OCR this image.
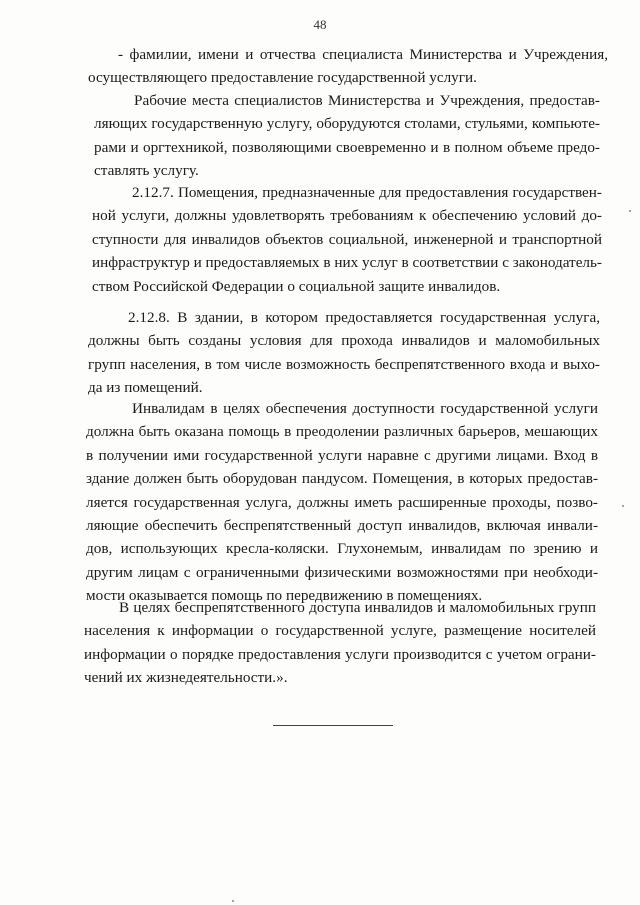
48
- фамилии, имени и отчества специалиста Министерства и Учреждения,
осуществляющего предоставление государственной услуги.
Рабочие места специалистов Министерства и Учреждения, предостав-
ляющих государственную услугу, оборудуются столами, стульями, компьюте-
рами и оргтехникой, позволяющими своевременно и в полном объеме предо-
ставлять услугу.
2.12.7. Помещения, предназначенные для предоставления государствен-
ной услуги, должны удовлетворять требованиям к обеспечению условий до-
ступности для инвалидов объектов социальной, инженерной и транспортной
инфраструктур и предоставляемых в них услуг в соответствии с законодатель-
ством Российской Федерации о социальной защите инвалидов.
2.12.8. В здании, в котором предоставляется государственная услуга,
должны быть созданы условия для прохода инвалидов и маломобильных
групп населения, в том числе возможность беспрепятственного входа и выхо-
да из помещений.
Инвалидам в целях обеспечения доступности государственной услуги
должна быть оказана помощь в преодолении различных барьеров, мешающих
в получении ими государственной услуги наравне с другими лицами. Вход в
здание должен быть оборудован пандусом. Помещения, в которых предостав-
ляется государственная услуга, должны иметь расширенные проходы, позво-
ляющие обеспечить беспрепятственный доступ инвалидов, включая инвали-
дов, использующих кресла-коляски. Глухонемым, инвалидам по зрению и
другим лицам с ограниченными физическими возможностями при необходи-
мости оказывается помощь по передвижению в помещениях.
В целях беспрепятственного доступа инвалидов и маломобильных групп
населения к информации о государственной услуге, размещение носителей
информации о порядке предоставления услуги производится с учетом ограни-
чений их жизнедеятельности.».
